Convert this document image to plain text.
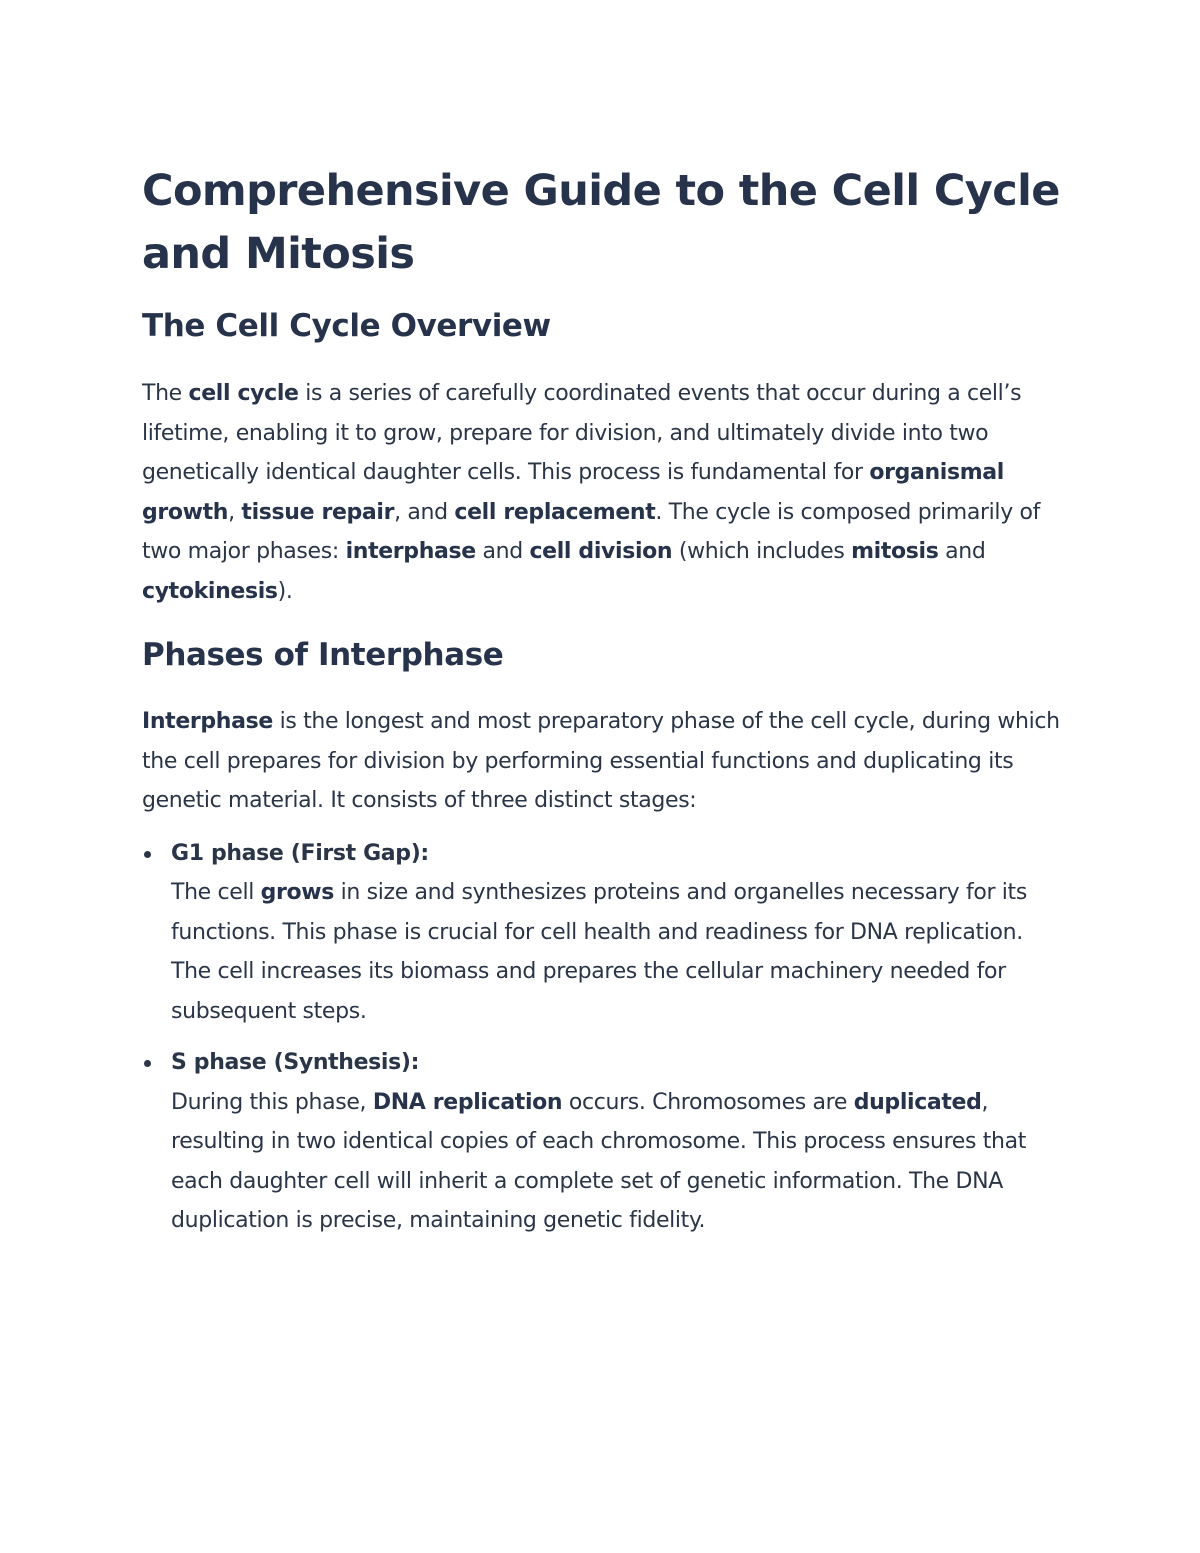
Comprehensive Guide to the Cell Cycle and Mitosis
The Cell Cycle Overview

The cell cycle is a series of carefully coordinated events that occur during a cell’s lifetime, enabling it to grow, prepare for division, and ultimately divide into two genetically identical daughter cells. This process is fundamental for organismal growth, tissue repair, and cell replacement. The cycle is composed primarily of two major phases: interphase and cell division (which includes mitosis and cytokinesis).

Phases of Interphase

Interphase is the longest and most preparatory phase of the cell cycle, during which the cell prepares for division by performing essential functions and duplicating its genetic material. It consists of three distinct stages:

G1 phase (First Gap):
The cell grows in size and synthesizes proteins and organelles necessary for its functions. This phase is crucial for cell health and readiness for DNA replication. The cell increases its biomass and prepares the cellular machinery needed for subsequent steps.
S phase (Synthesis):
During this phase, DNA replication occurs. Chromosomes are duplicated, resulting in two identical copies of each chromosome. This process ensures that each daughter cell will inherit a complete set of genetic information. The DNA duplication is precise, maintaining genetic fidelity.
